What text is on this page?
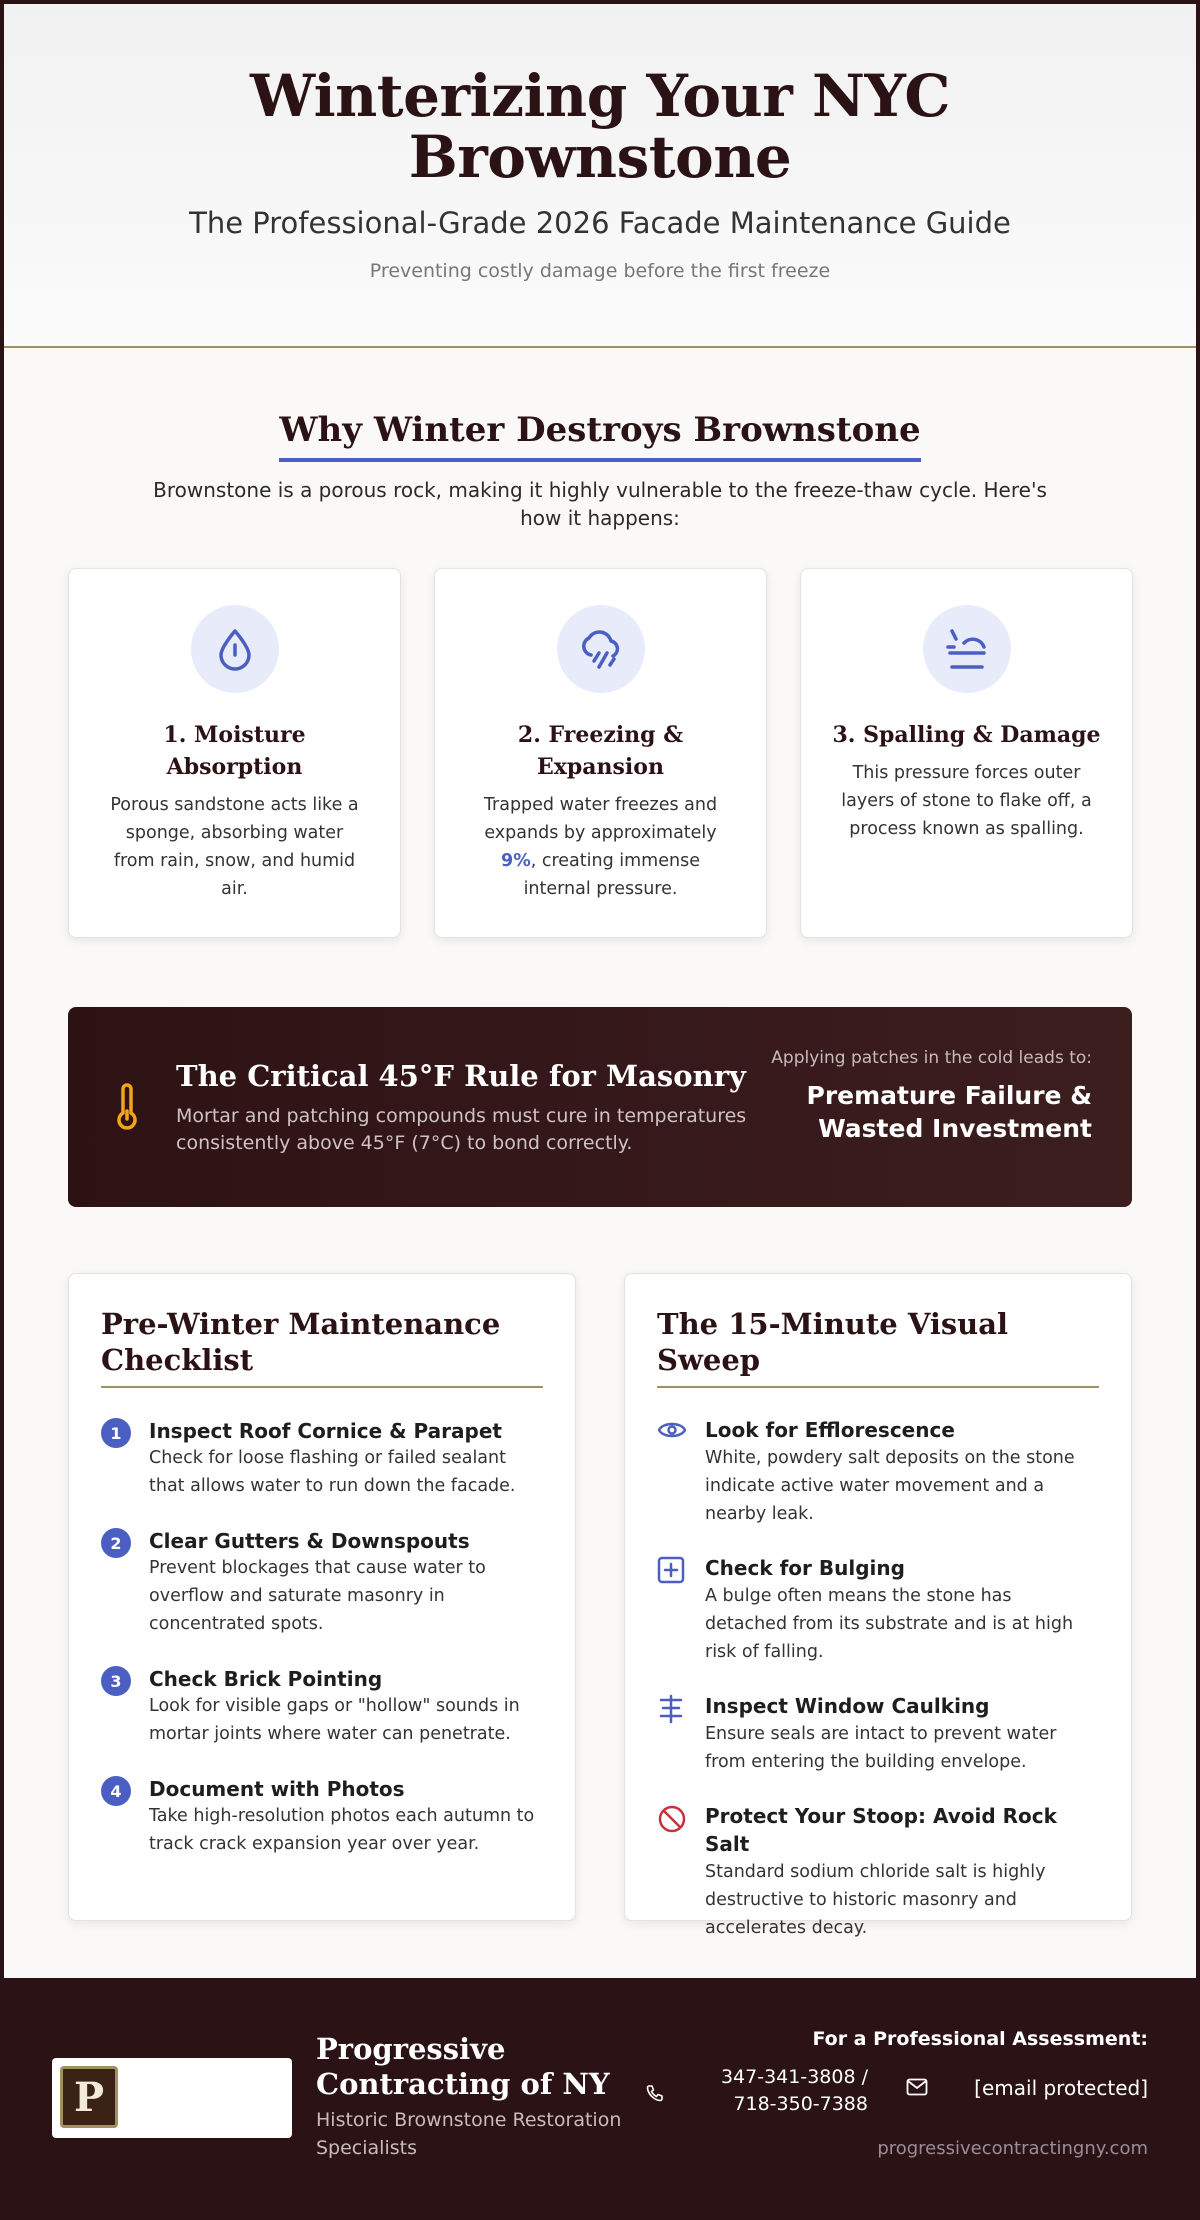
Winterizing Your NYC Brownstone
The Professional-Grade 2026 Facade Maintenance Guide
Preventing costly damage before the first freeze
Why Winter Destroys Brownstone

Brownstone is a porous rock, making it highly vulnerable to the freeze-thaw cycle. Here's how it happens:

1. Moisture Absorption

Porous sandstone acts like a sponge, absorbing water from rain, snow, and humid air.

2. Freezing & Expansion

Trapped water freezes and expands by approximately 9%, creating immense internal pressure.

3. Spalling & Damage

This pressure forces outer layers of stone to flake off, a process known as spalling.

The Critical 45°F Rule for Masonry
Mortar and patching compounds must cure in temperatures consistently above 45°F (7°C) to bond correctly.
Applying patches in the cold leads to:
Premature Failure & Wasted Investment
Pre-Winter Maintenance Checklist
1	Inspect Roof Cornice & Parapet
Check for loose flashing or failed sealant that allows water to run down the facade.
2	Clear Gutters & Downspouts
Prevent blockages that cause water to overflow and saturate masonry in concentrated spots.
3	Check Brick Pointing
Look for visible gaps or "hollow" sounds in mortar joints where water can penetrate.
4	Document with Photos
Take high-resolution photos each autumn to track crack expansion year over year.
The 15-Minute Visual Sweep
Look for Efflorescence
White, powdery salt deposits on the stone indicate active water movement and a nearby leak.
Check for Bulging
A bulge often means the stone has detached from its substrate and is at high risk of falling.
Inspect Window Caulking
Ensure seals are intact to prevent water from entering the building envelope.
Protect Your Stoop: Avoid Rock Salt
Standard sodium chloride salt is highly destructive to historic masonry and accelerates decay.
P
Progressive Contracting of NY
Historic Brownstone Restoration Specialists
For a Professional Assessment:
347-341-3808 / 718-350-7388
[email protected]
progressivecontractingny.com
